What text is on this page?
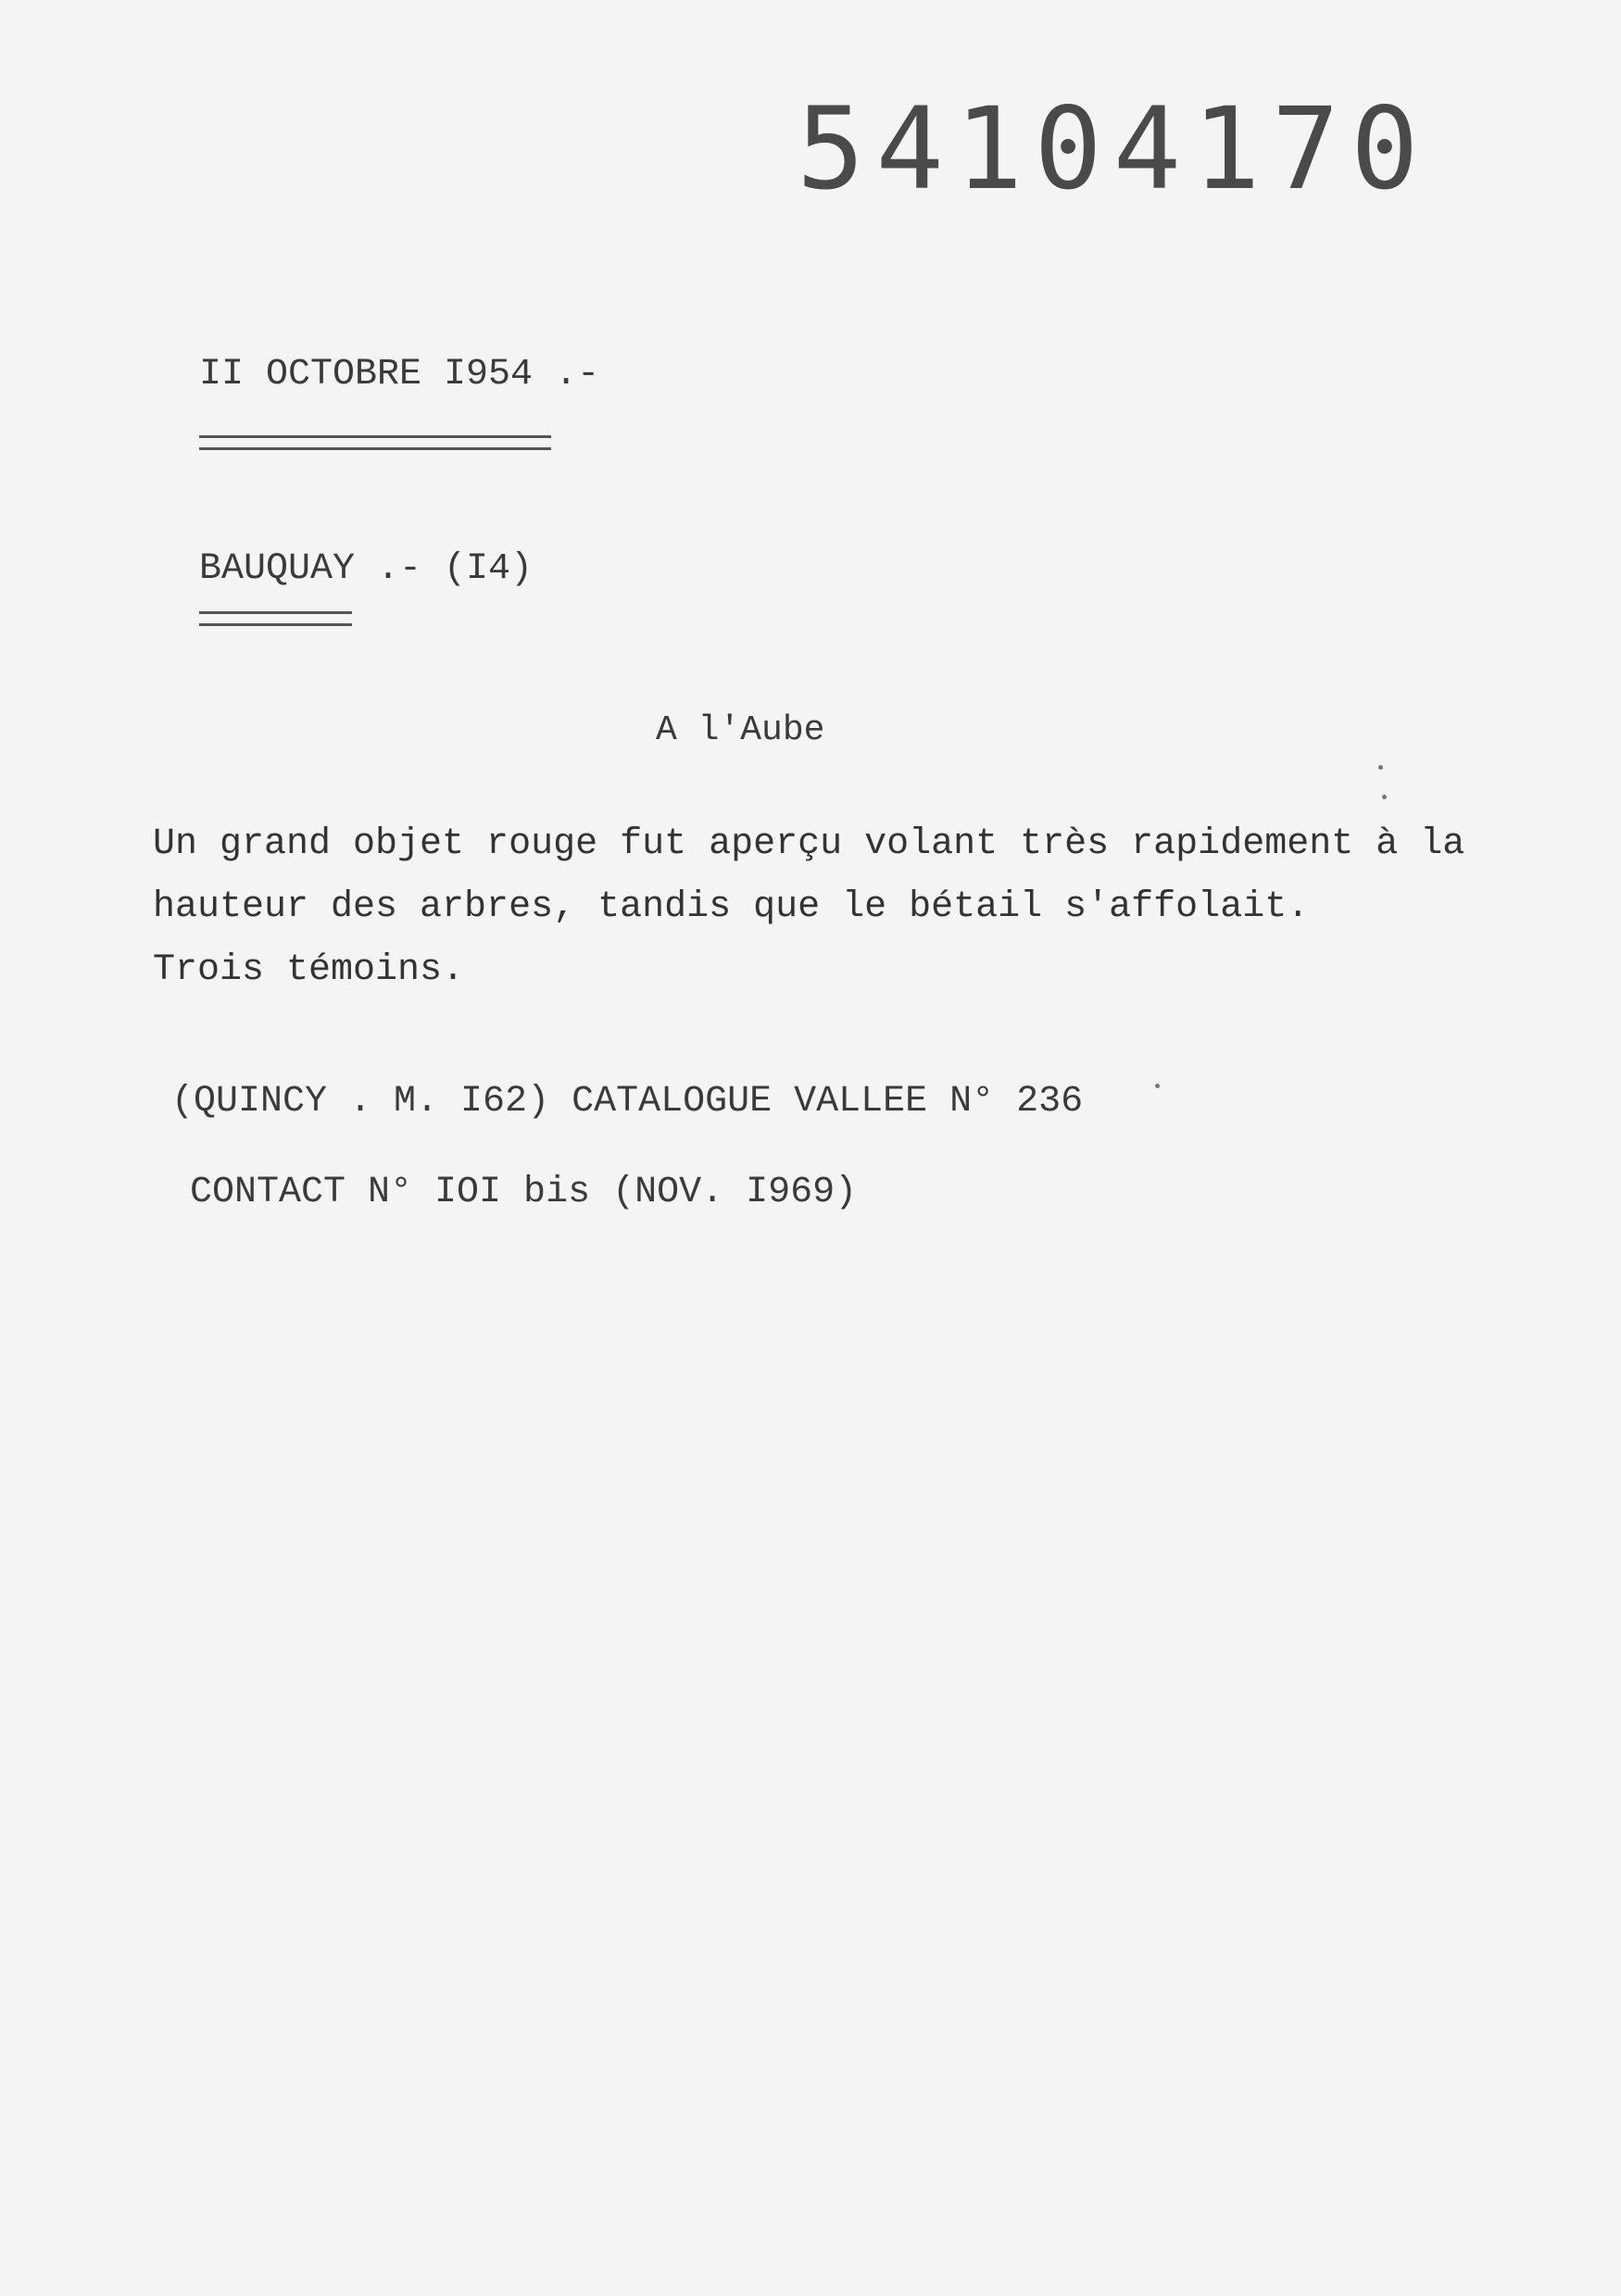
54104170
II OCTOBRE I954 .-
BAUQUAY .- (I4)
A l'Aube
Un grand objet rouge fut aperçu volant très rapidement à la
hauteur des arbres, tandis que le bétail s'affolait.
Trois témoins.
(QUINCY . M. I62) CATALOGUE VALLEE N° 236
CONTACT N° IOI bis (NOV. I969)
